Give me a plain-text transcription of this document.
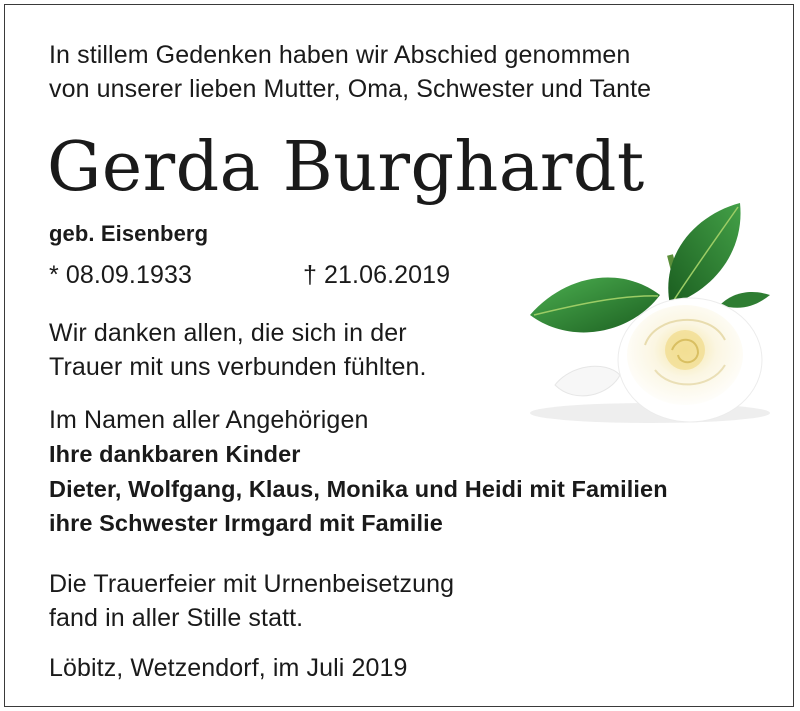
In stillem Gedenken haben wir Abschied genommen
von unserer lieben Mutter, Oma, Schwester und Tante
Gerda Burghardt
geb. Eisenberg
* 08.09.1933	† 21.06.2019
Wir danken allen, die sich in der
Trauer mit uns verbunden fühlten.
Im Namen aller Angehörigen
Ihre dankbaren Kinder
Dieter, Wolfgang, Klaus, Monika und Heidi mit Familien
ihre Schwester Irmgard mit Familie
Die Trauerfeier mit Urnenbeisetzung
fand in aller Stille statt.
Löbitz, Wetzendorf, im Juli 2019
